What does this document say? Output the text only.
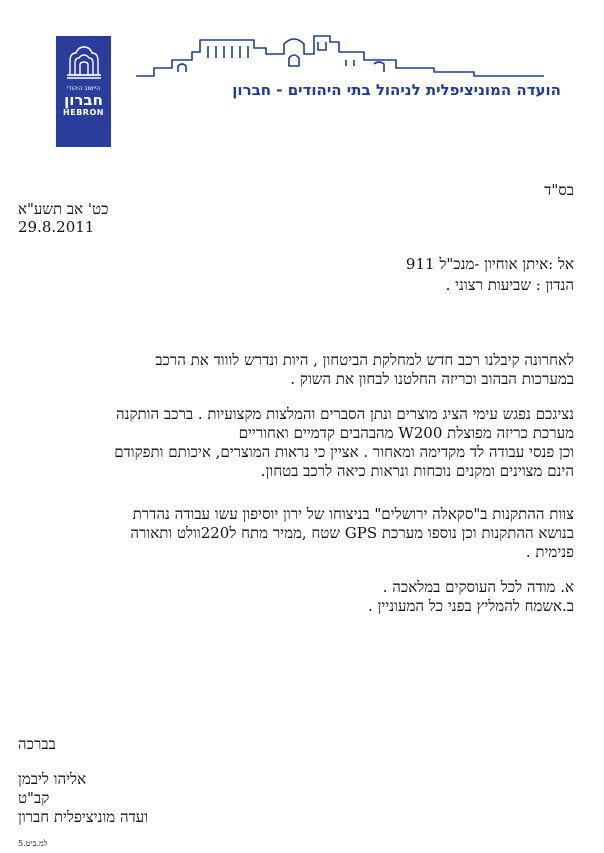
היישוב היהודי
חברון
HEBRON
הועדה המוניציפלית לניהול בתי היהודים - חברון
בס"ד
כט' אב תשע"א
29.8.2011
אל :איתן אוחיון -מנכ"ל 911
הנדון : שביעות רצוני .
לאחרונה קיבלנו רכב חדש למחלקת הביטחון , היות ונדרש לוווד את הרכב
במערכות הבהוב וכריזה החלטנו לבחון את השוק .
נציגכם נפגש עימי הציג מוצרים ונתן הסברים והמלצות מקצועיות . ברכב הותקנה
מערכת כריזה מפוצלת W200 מהבהבים קדמיים ואחוריים
וכן פנסי עבודה לד מקדימה ומאחור . אציין כי נראות המוצרים, איכותם ותפקודם
הינם מצוינים ומקנים נוכחות ונראות כיאה לרכב בטחון.
צוות ההתקנות ב"סקאלה ירושלים" בניצוחו של ירון יוסיפון עשו עבודה נהדרת
בנושא ההתקנות וכן נוספו מערכת GPS שטח ,ממיר מתח ל220וולט ותאורה
פנימית .
א. מודה לכל העוסקים במלאכה .
ב.אשמח להמליץ בפני כל המעוניין .
בברכה
אליהו ליבמן
קב"ט
ועדה מוניציפלית חברון
למ.ביט.5
